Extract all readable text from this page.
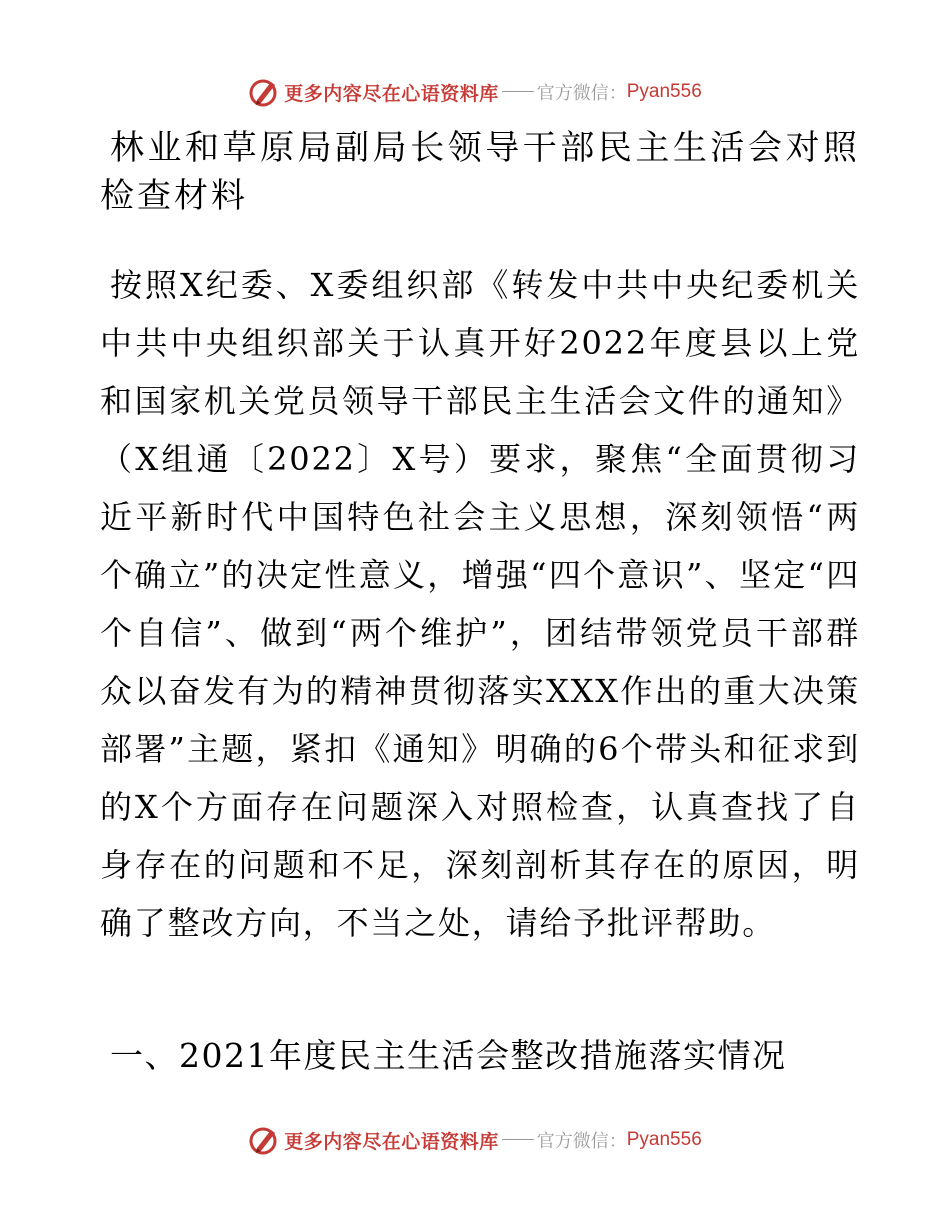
更多内容尽在心语资料库 官方微信： Pyan556

林业和草原局副局长领导干部民主生活会对照检查材料

按照X纪委、X委组织部《转发中共中央纪委机关中共中央组织部关于认真开好2022年度县以上党和国家机关党员领导干部民主生活会文件的通知》（X组通〔2022〕X号）要求，聚焦“全面贯彻习近平新时代中国特色社会主义思想，深刻领悟“两个确立”的决定性意义，增强“四个意识”、坚定“四个自信”、做到“两个维护”，团结带领党员干部群众以奋发有为的精神贯彻落实XXX作出的重大决策部署”主题，紧扣《通知》明确的6个带头和征求到的X个方面存在问题深入对照检查，认真查找了自身存在的问题和不足，深刻剖析其存在的原因，明确了整改方向，不当之处，请给予批评帮助。

一、2021年度民主生活会整改措施落实情况

更多内容尽在心语资料库 官方微信： Pyan556
